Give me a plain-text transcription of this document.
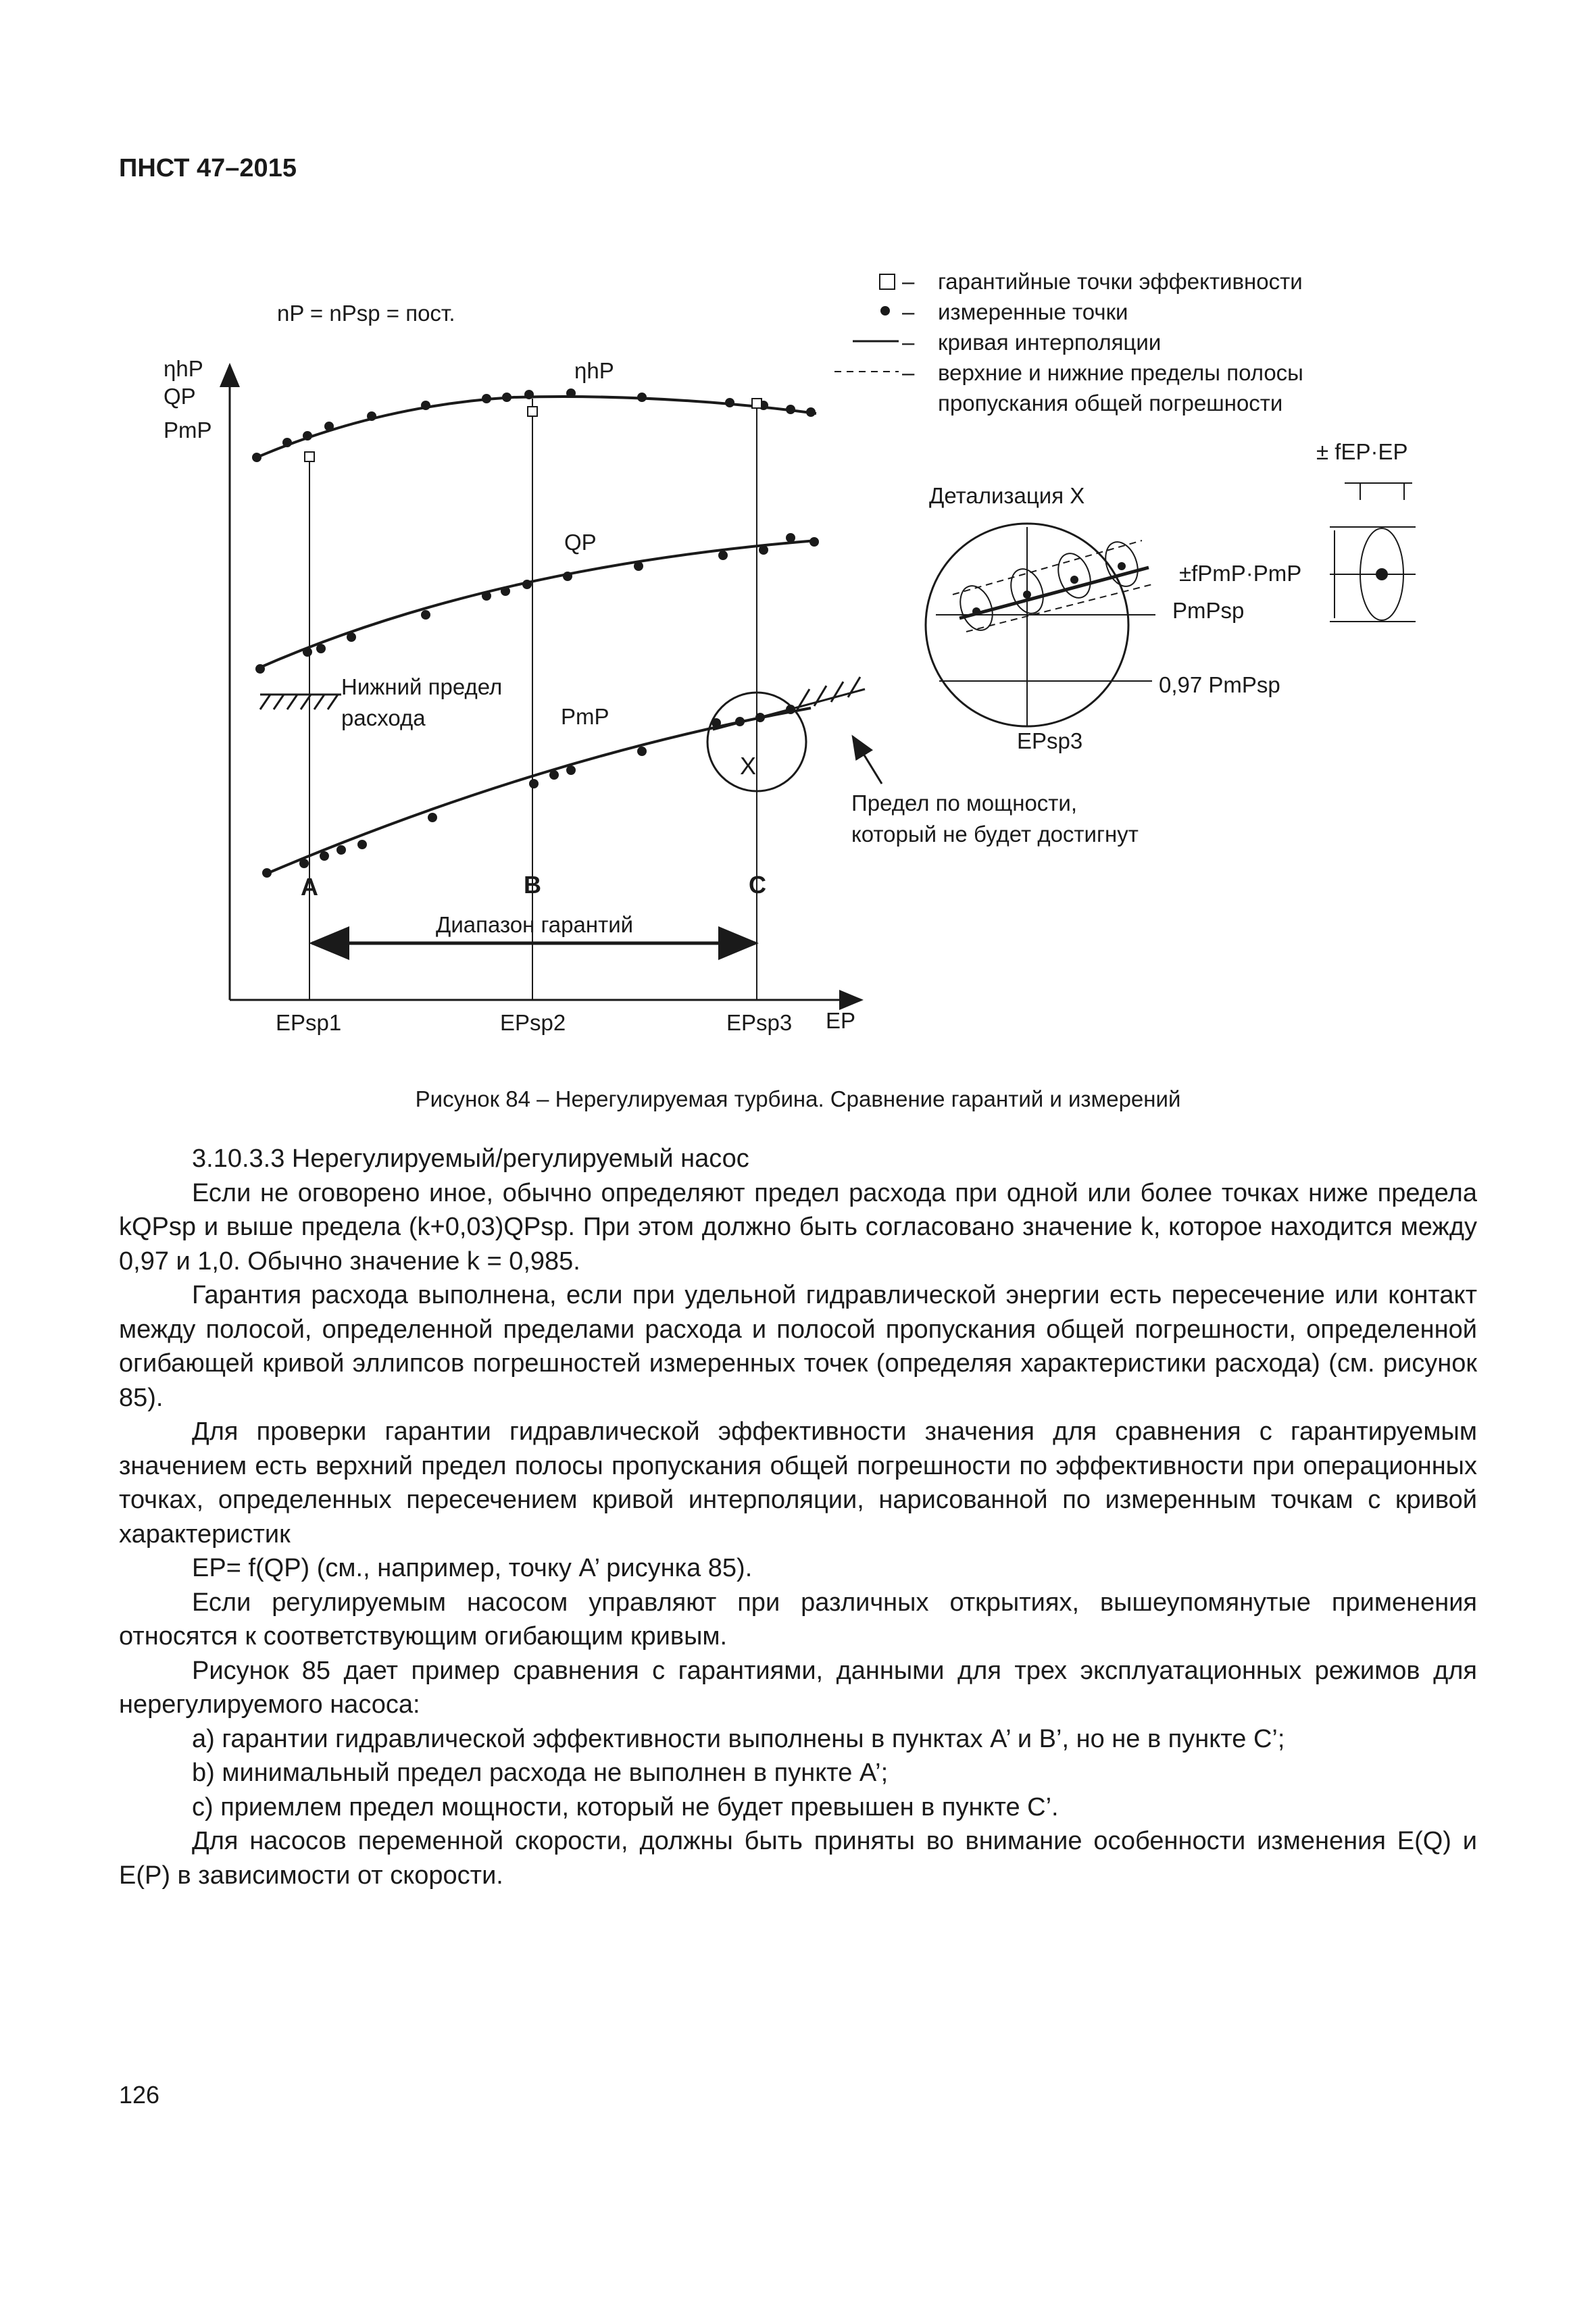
ПНСТ 47–2015
X
nP = nPsp = пост.
ηhP
QP
PmP
ηhP
QP
PmP
Нижний предел
расхода
Предел по мощности,
который не будет достигнут
A	B	C
Диапазон гарантий
EPsp1	EPsp2	EPsp3 EP
–
–
–
–
гарантийные точки эффективности
измеренные точки
кривая интерполяции
верхние и нижние пределы полосы
пропускания общей погрешности
Детализация X
±fPmP·PmP
PmPsp
0,97 PmPsp
EPsp3
± fEP·EP
Рисунок 84 – Нерегулируемая турбина. Сравнение гарантий и измерений

3.10.3.3 Нерегулируемый/регулируемый насос

Если не оговорено иное, обычно определяют предел расхода при одной или более точках ниже предела kQPsp и выше предела (k+0,03)QPsp. При этом должно быть согласовано значение k, которое находится между 0,97 и 1,0. Обычно значение k = 0,985.

Гарантия расхода выполнена, если при удельной гидравлической энергии есть пересечение или контакт между полосой, определенной пределами расхода и полосой пропускания общей погрешности, определенной огибающей кривой эллипсов погрешностей измеренных точек (определяя характеристики расхода) (см. рисунок 85).

Для проверки гарантии гидравлической эффективности значения для сравнения с гарантируемым значением есть верхний предел полосы пропускания общей погрешности по эффективности при операционных точках, определенных пересечением кривой интерполяции, нарисованной по измеренным точкам с кривой характеристик

EP= f(QP) (см., например, точку А’ рисунка 85).

Если регулируемым насосом управляют при различных открытиях, вышеупомянутые применения относятся к соответствующим огибающим кривым.

Рисунок 85 дает пример сравнения с гарантиями, данными для трех эксплуатационных режимов для нерегулируемого насоса:

a) гарантии гидравлической эффективности выполнены в пунктах А’ и В’, но не в пункте С’;

b) минимальный предел расхода не выполнен в пункте А’;

c) приемлем предел мощности, который не будет превышен в пункте С’.

Для насосов переменной скорости, должны быть приняты во внимание особенности изменения E(Q) и E(P) в зависимости от скорости.

126
